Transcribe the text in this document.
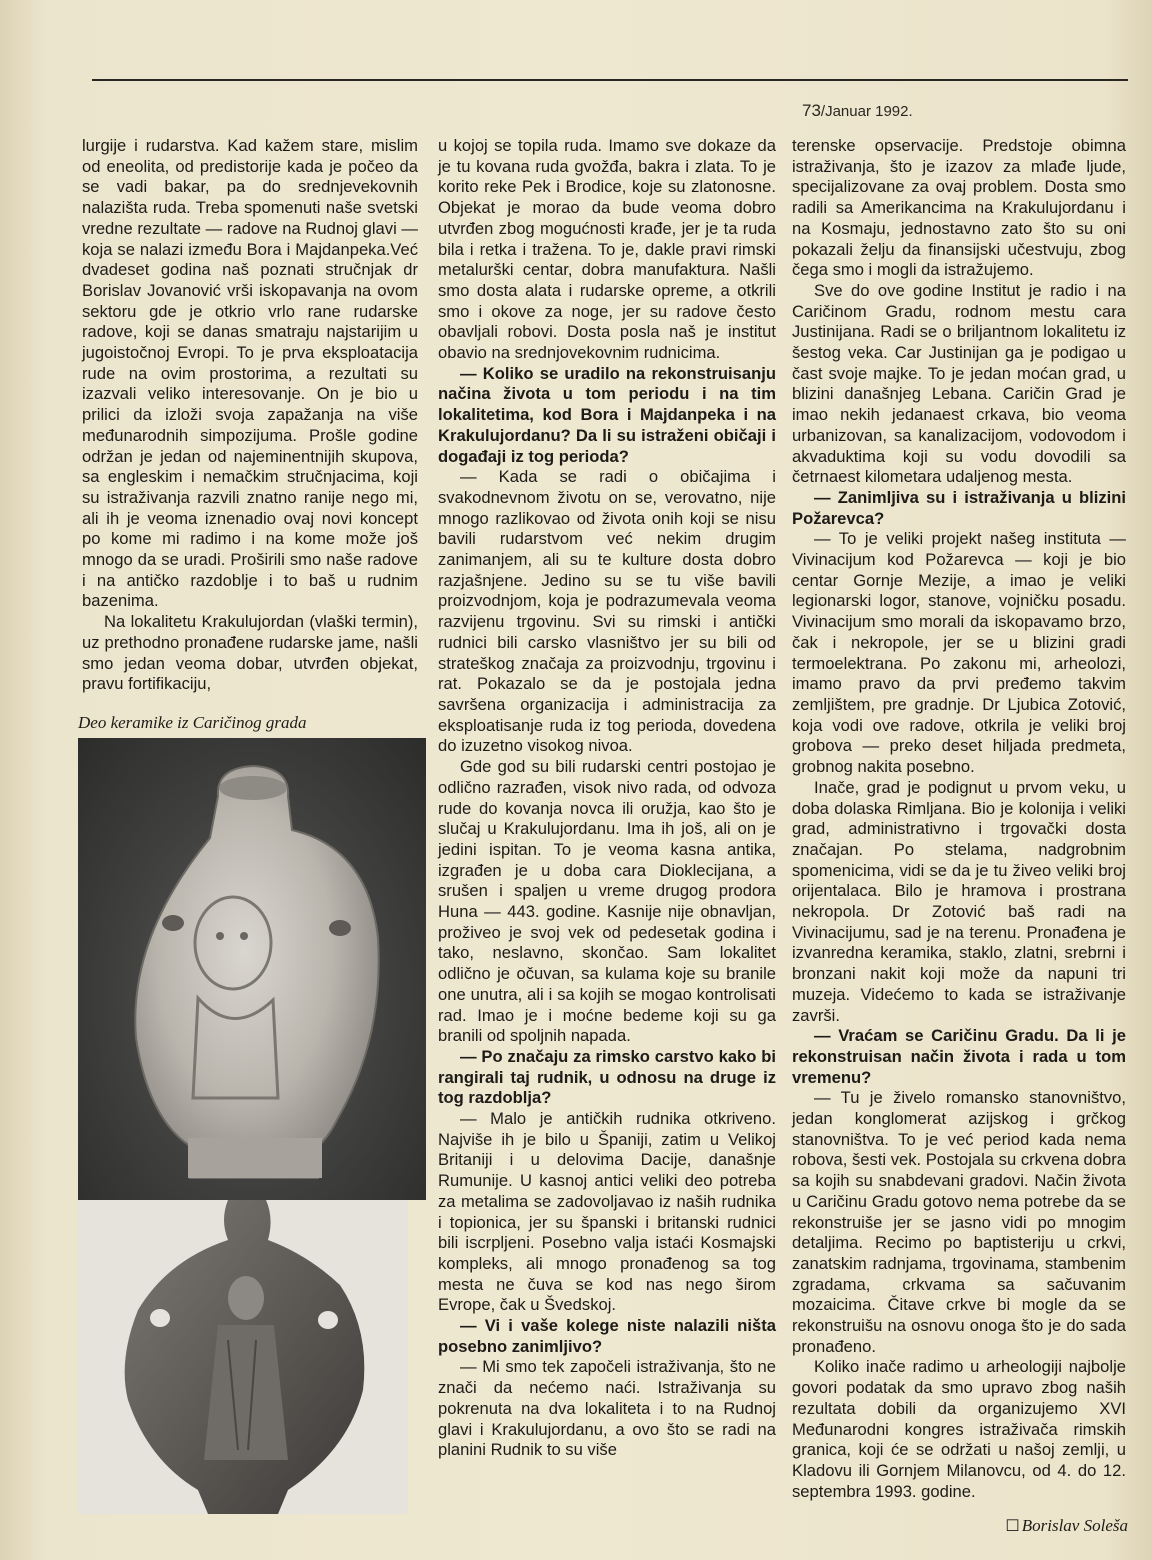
73/Januar 1992.

lurgije i rudarstva. Kad kažem stare, mislim od eneolita, od predistorije kada je počeo da se vadi bakar, pa do srednjevekovnih nalazišta ruda. Treba spomenuti naše svetski vredne rezultate — radove na Rudnoj glavi — koja se nalazi između Bora i Majdanpeka.Već dvadeset godina naš poznati stručnjak dr Borislav Jovanović vrši iskopavanja na ovom sektoru gde je otkrio vrlo rane rudarske radove, koji se danas smatraju najstarijim u jugoistočnoj Evropi. To je prva eksploatacija rude na ovim prostorima, a rezultati su izazvali veliko interesovanje. On je bio u prilici da izloži svoja zapažanja na više međunarodnih simpozijuma. Prošle godine održan je jedan od najeminentnijih skupova, sa engleskim i nemačkim stručnjacima, koji su istraživanja razvili znatno ranije nego mi, ali ih je veoma iznenadio ovaj novi koncept po kome mi radimo i na kome može još mnogo da se uradi. Proširili smo naše radove i na antičko razdoblje i to baš u rudnim bazenima.

Na lokalitetu Krakulujordan (vlaški termin), uz prethodno pronađene rudarske jame, našli smo jedan veoma dobar, utvrđen objekat, pravu fortifikaciju,

Deo keramike iz Caričinog grada

u kojoj se topila ruda. Imamo sve dokaze da je tu kovana ruda gvožđa, bakra i zlata. To je korito reke Pek i Brodice, koje su zlatonosne. Objekat je morao da bude veoma dobro utvrđen zbog mogućnosti krađe, jer je ta ruda bila i retka i tražena. To je, dakle pravi rimski metalurški centar, dobra manufaktura. Našli smo dosta alata i rudarske opreme, a otkrili smo i okove za noge, jer su radove često obavljali robovi. Dosta posla naš je institut obavio na srednjovekovnim rudnicima.

— Koliko se uradilo na rekonstruisanju načina života u tom periodu i na tim lokalitetima, kod Bora i Majdanpeka i na Krakulujordanu? Da li su istraženi običaji i događaji iz tog perioda?

— Kada se radi o običajima i svakodnevnom životu on se, verovatno, nije mnogo razlikovao od života onih koji se nisu bavili rudarstvom već nekim drugim zanimanjem, ali su te kulture dosta dobro razjašnjene. Jedino su se tu više bavili proizvodnjom, koja je podrazumevala veoma razvijenu trgovinu. Svi su rimski i antički rudnici bili carsko vlasništvo jer su bili od strateškog značaja za proizvodnju, trgovinu i rat. Pokazalo se da je postojala jedna savršena organizacija i administracija za eksploatisanje ruda iz tog perioda, dovedena do izuzetno visokog nivoa.

Gde god su bili rudarski centri postojao je odlično razrađen, visok nivo rada, od odvoza rude do kovanja novca ili oružja, kao što je slučaj u Krakulujordanu. Ima ih još, ali on je jedini ispitan. To je veoma kasna antika, izgrađen je u doba cara Dioklecijana, a srušen i spaljen u vreme drugog prodora Huna — 443. godine. Kasnije nije obnavljan, proživeo je svoj vek od pedesetak godina i tako, neslavno, skončao. Sam lokalitet odlično je očuvan, sa kulama koje su branile one unutra, ali i sa kojih se mogao kontrolisati rad. Imao je i moćne bedeme koji su ga branili od spoljnih napada.

— Po značaju za rimsko carstvo kako bi rangirali taj rudnik, u odnosu na druge iz tog razdoblja?

— Malo je antičkih rudnika otkriveno. Najviše ih je bilo u Španiji, zatim u Velikoj Britaniji i u delovima Dacije, današnje Rumunije. U kasnoj antici veliki deo potreba za metalima se zadovoljavao iz naših rudnika i topionica, jer su španski i britanski rudnici bili iscrpljeni. Posebno valja istaći Kosmajski kompleks, ali mnogo pronađenog sa tog mesta ne čuva se kod nas nego širom Evrope, čak u Švedskoj.

— Vi i vaše kolege niste nalazili ništa posebno zanimljivo?

— Mi smo tek započeli istraživanja, što ne znači da nećemo naći. Istraživanja su pokrenuta na dva lokaliteta i to na Rudnoj glavi i Krakulujordanu, a ovo što se radi na planini Rudnik to su više

terenske opservacije. Predstoje obimna istraživanja, što je izazov za mlađe ljude, specijalizovane za ovaj problem. Dosta smo radili sa Amerikancima na Krakulujordanu i na Kosmaju, jednostavno zato što su oni pokazali želju da finansijski učestvuju, zbog čega smo i mogli da istražujemo.

Sve do ove godine Institut je radio i na Caričinom Gradu, rodnom mestu cara Justinijana. Radi se o briljantnom lokalitetu iz šestog veka. Car Justinijan ga je podigao u čast svoje majke. To je jedan moćan grad, u blizini današnjeg Lebana. Caričin Grad je imao nekih jedanaest crkava, bio veoma urbanizovan, sa kanalizacijom, vodovodom i akvaduktima koji su vodu dovodili sa četrnaest kilometara udaljenog mesta.

— Zanimljiva su i istraživanja u blizini Požarevca?

— To je veliki projekt našeg instituta — Vivinacijum kod Požarevca — koji je bio centar Gornje Mezije, a imao je veliki legionarski logor, stanove, vojničku posadu. Vivinacijum smo morali da iskopavamo brzo, čak i nekropole, jer se u blizini gradi termoelektrana. Po zakonu mi, arheolozi, imamo pravo da prvi pređemo takvim zemljištem, pre gradnje. Dr Ljubica Zotović, koja vodi ove radove, otkrila je veliki broj grobova — preko deset hiljada predmeta, grobnog nakita posebno.

Inače, grad je podignut u prvom veku, u doba dolaska Rimljana. Bio je kolonija i veliki grad, administrativno i trgovački dosta značajan. Po stelama, nadgrobnim spomenicima, vidi se da je tu živeo veliki broj orijentalaca. Bilo je hramova i prostrana nekropola. Dr Zotović baš radi na Vivinacijumu, sad je na terenu. Pronađena je izvanredna keramika, staklo, zlatni, srebrni i bronzani nakit koji može da napuni tri muzeja. Videćemo to kada se istraživanje završi.

— Vraćam se Caričinu Gradu. Da li je rekonstruisan način života i rada u tom vremenu?

— Tu je živelo romansko stanovništvo, jedan konglomerat azijskog i grčkog stanovništva. To je već period kada nema robova, šesti vek. Postojala su crkvena dobra sa kojih su snabdevani gradovi. Način života u Caričinu Gradu gotovo nema potrebe da se rekonstruiše jer se jasno vidi po mnogim detaljima. Recimo po baptisteriju u crkvi, zanatskim radnjama, trgovinama, stambenim zgradama, crkvama sa sačuvanim mozaicima. Čitave crkve bi mogle da se rekonstruišu na osnovu onoga što je do sada pronađeno.

Koliko inače radimo u arheologiji najbolje govori podatak da smo upravo zbog naših rezultata dobili da organizujemo XVI Međunarodni kongres istraživača rimskih granica, koji će se održati u našoj zemlji, u Kladovu ili Gornjem Milanovcu, od 4. do 12. septembra 1993. godine.

☐ Borislav Soleša
